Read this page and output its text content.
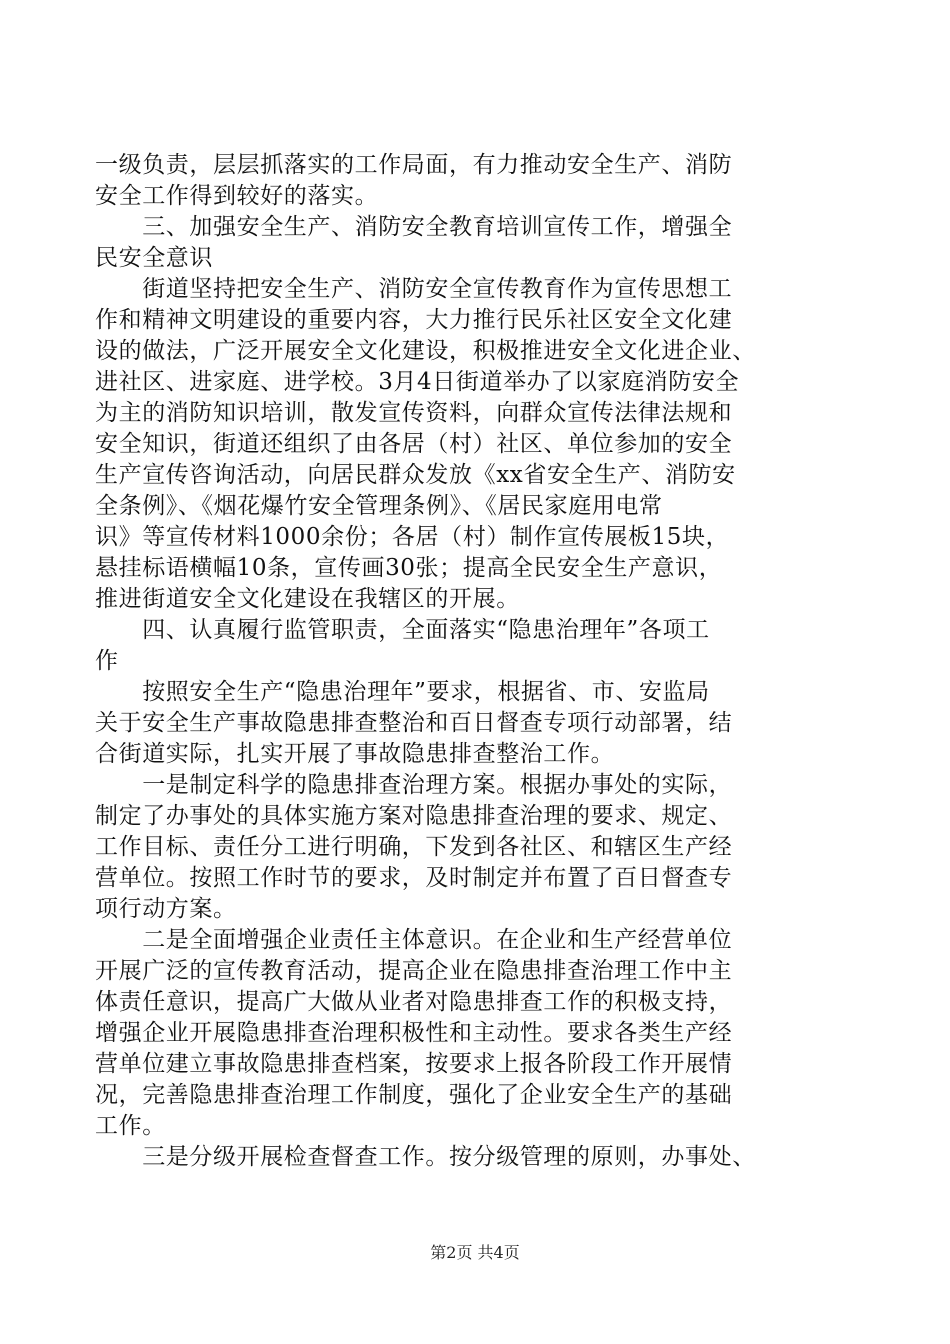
一级负责，层层抓落实的工作局面，有力推动安全生产、消防
安全工作得到较好的落实。
　　三、加强安全生产、消防安全教育培训宣传工作，增强全
民安全意识
　　街道坚持把安全生产、消防安全宣传教育作为宣传思想工
作和精神文明建设的重要内容，大力推行民乐社区安全文化建
设的做法，广泛开展安全文化建设，积极推进安全文化进企业、
进社区、进家庭、进学校。3月4日街道举办了以家庭消防安全
为主的消防知识培训，散发宣传资料，向群众宣传法律法规和
安全知识，街道还组织了由各居（村）社区、单位参加的安全
生产宣传咨询活动，向居民群众发放《xx省安全生产、消防安
全条例》、《烟花爆竹安全管理条例》、《居民家庭用电常
识》等宣传材料1000余份；各居（村）制作宣传展板15块，
悬挂标语横幅10条，宣传画30张；提高全民安全生产意识，
推进街道安全文化建设在我辖区的开展。
　　四、认真履行监管职责，全面落实“隐患治理年”各项工
作
　　按照安全生产“隐患治理年”要求，根据省、市、安监局
关于安全生产事故隐患排查整治和百日督查专项行动部署，结
合街道实际，扎实开展了事故隐患排查整治工作。
　　一是制定科学的隐患排查治理方案。根据办事处的实际，
制定了办事处的具体实施方案对隐患排查治理的要求、规定、
工作目标、责任分工进行明确，下发到各社区、和辖区生产经
营单位。按照工作时节的要求，及时制定并布置了百日督查专
项行动方案。
　　二是全面增强企业责任主体意识。在企业和生产经营单位
开展广泛的宣传教育活动，提高企业在隐患排查治理工作中主
体责任意识，提高广大做从业者对隐患排查工作的积极支持，
增强企业开展隐患排查治理积极性和主动性。要求各类生产经
营单位建立事故隐患排查档案，按要求上报各阶段工作开展情
况，完善隐患排查治理工作制度，强化了企业安全生产的基础
工作。
　　三是分级开展检查督查工作。按分级管理的原则，办事处、
第2页 共4页
